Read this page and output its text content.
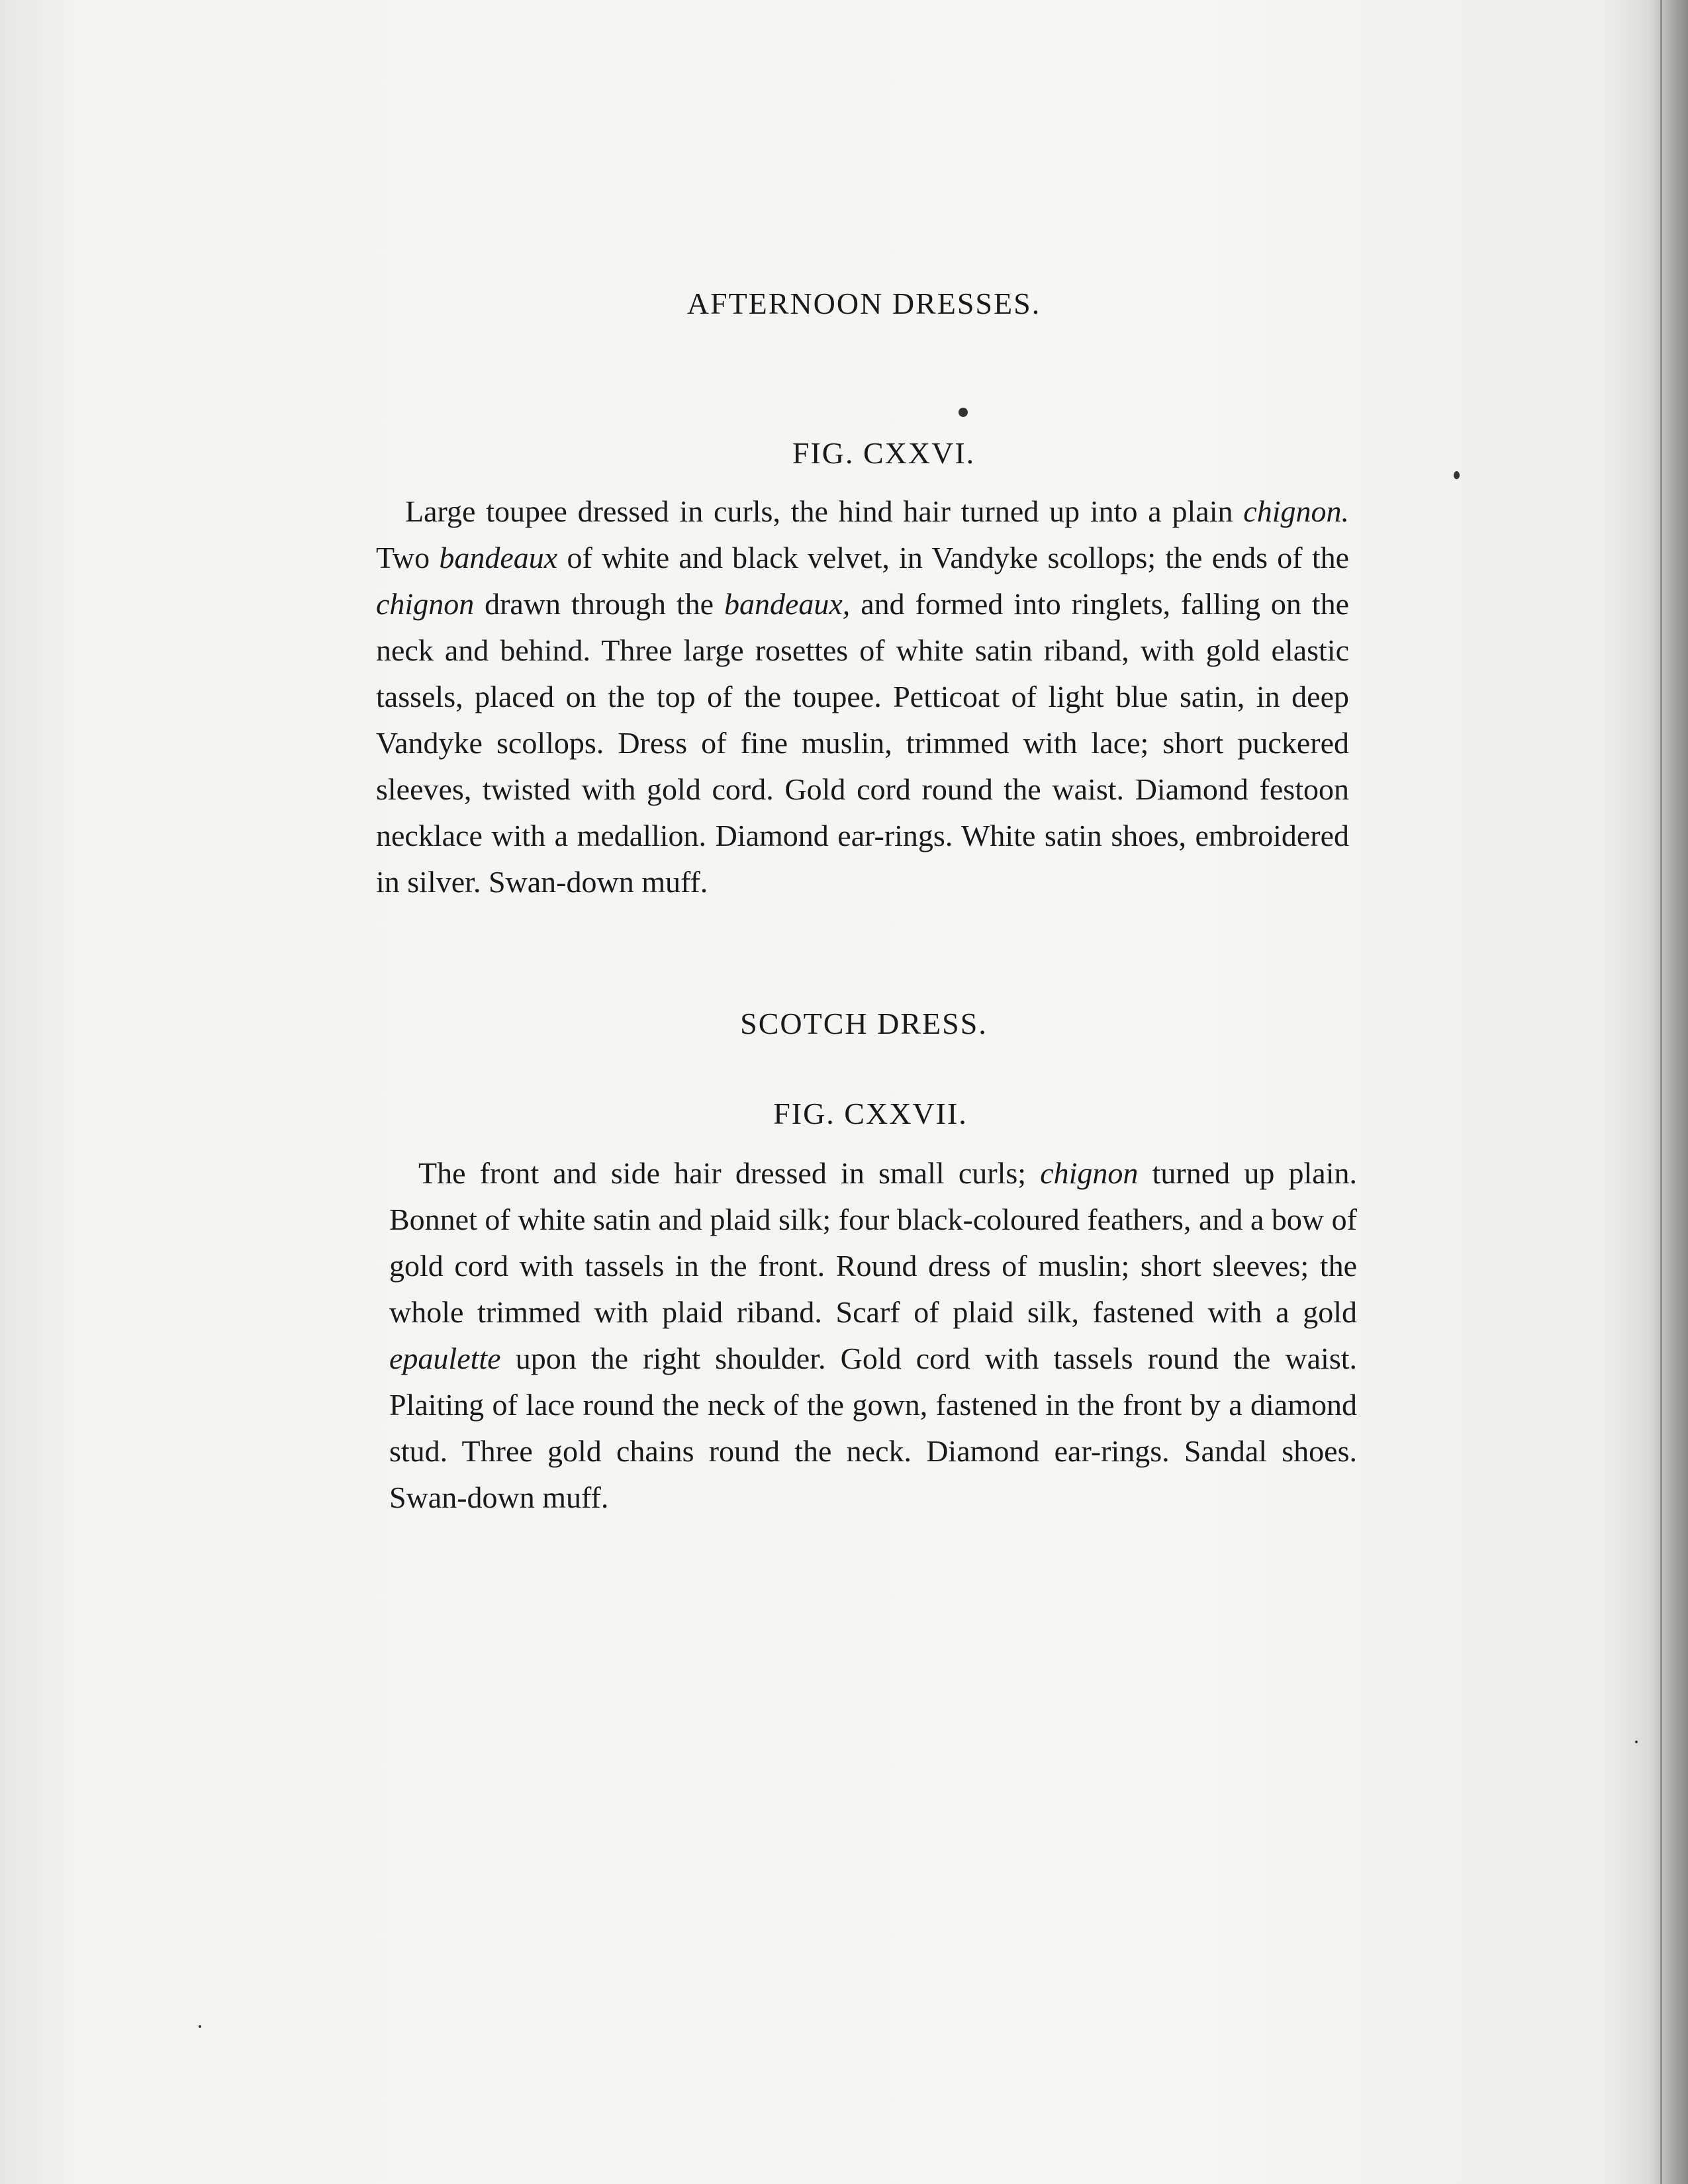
AFTERNOON DRESSES.
FIG. CXXVI.

Large toupee dressed in curls, the hind hair turned up into a plain chignon. Two bandeaux of white and black velvet, in Vandyke scollops; the ends of the chignon drawn through the bandeaux, and formed into ringlets, falling on the neck and behind. Three large rosettes of white satin riband, with gold elastic tassels, placed on the top of the toupee. Petticoat of light blue satin, in deep Vandyke scollops. Dress of fine muslin, trimmed with lace; short puckered sleeves, twisted with gold cord. Gold cord round the waist. Diamond festoon necklace with a medallion. Diamond ear-rings. White satin shoes, embroidered in silver. Swan-down muff.

SCOTCH DRESS.
FIG. CXXVII.

The front and side hair dressed in small curls; chignon turned up plain. Bonnet of white satin and plaid silk; four black-coloured feathers, and a bow of gold cord with tassels in the front. Round dress of muslin; short sleeves; the whole trimmed with plaid riband. Scarf of plaid silk, fastened with a gold epaulette upon the right shoulder. Gold cord with tassels round the waist. Plaiting of lace round the neck of the gown, fastened in the front by a diamond stud. Three gold chains round the neck. Diamond ear-rings. Sandal shoes. Swan-down muff.
